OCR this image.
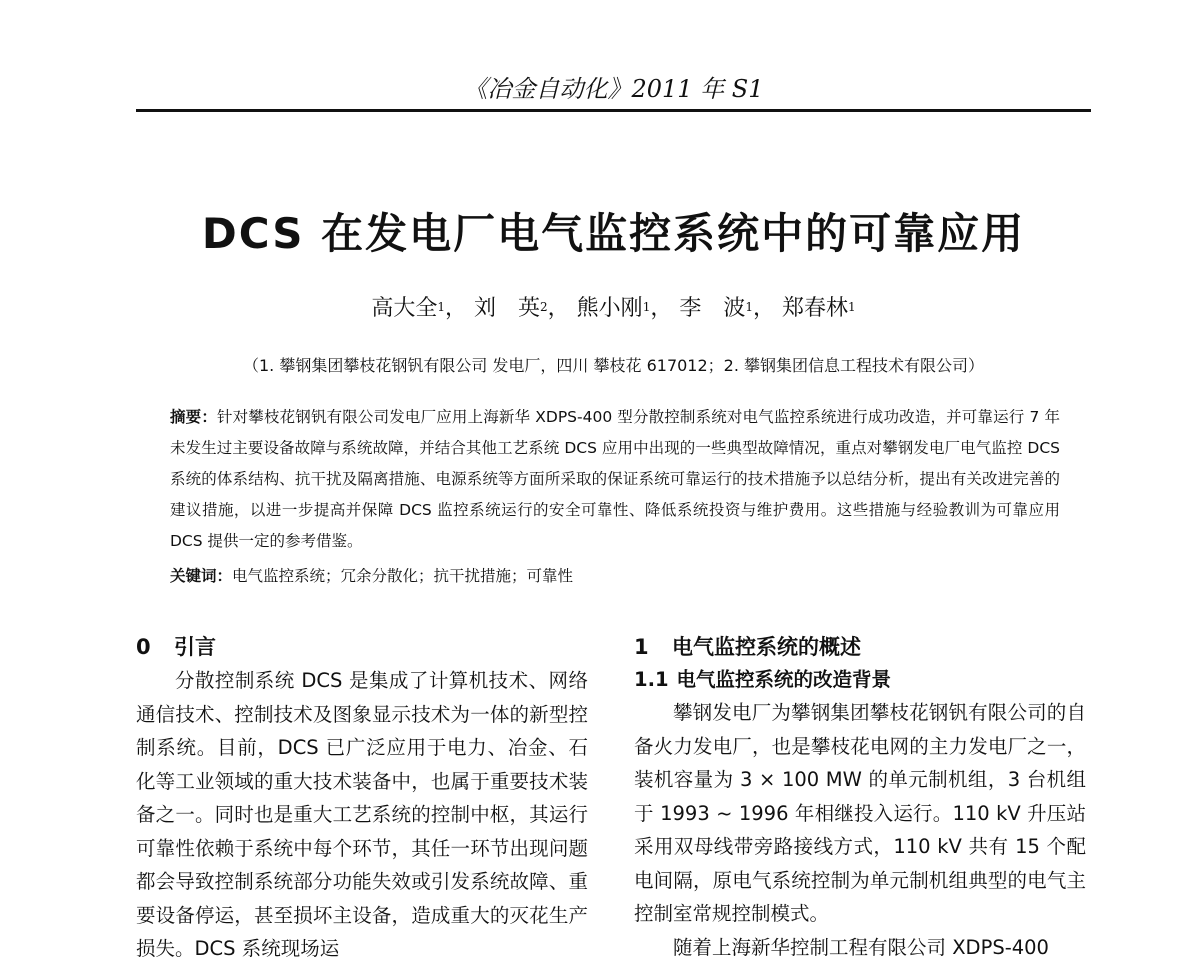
《冶金自动化》2011 年 S1
DCS 在发电厂电气监控系统中的可靠应用
高大全$^1$， 刘　英$^2$， 熊小刚$^1$， 李　波$^1$， 郑春林$^1$
（1. 攀钢集团攀枝花钢钒有限公司 发电厂，四川 攀枝花 617012；2. 攀钢集团信息工程技术有限公司）
摘要：针对攀枝花钢钒有限公司发电厂应用上海新华 XDPS-400 型分散控制系统对电气监控系统进行成功改造，并可靠运行 7 年未发生过主要设备故障与系统故障，并结合其他工艺系统 DCS 应用中出现的一些典型故障情况，重点对攀钢发电厂电气监控 DCS 系统的体系结构、抗干扰及隔离措施、电源系统等方面所采取的保证系统可靠运行的技术措施予以总结分析，提出有关改进完善的建议措施，以进一步提高并保障 DCS 监控系统运行的安全可靠性、降低系统投资与维护费用。这些措施与经验教训为可靠应用 DCS 提供一定的参考借鉴。
关键词：电气监控系统；冗余分散化；抗干扰措施；可靠性

0 引言

分散控制系统 DCS 是集成了计算机技术、网络通信技术、控制技术及图象显示技术为一体的新型控制系统。目前，DCS 已广泛应用于电力、冶金、石化等工业领域的重大技术装备中，也属于重要技术装备之一。同时也是重大工艺系统的控制中枢，其运行可靠性依赖于系统中每个环节，其任一环节出现问题都会导致控制系统部分功能失效或引发系统故障、重要设备停运，甚至损坏主设备，造成重大的灭花生产损失。DCS 系统现场运

1 电气监控系统的概述

1.1 电气监控系统的改造背景

攀钢发电厂为攀钢集团攀枝花钢钒有限公司的自备火力发电厂，也是攀枝花电网的主力发电厂之一，装机容量为 3 × 100 MW 的单元制机组，3 台机组于 1993 ~ 1996 年相继投入运行。110 kV 升压站采用双母线带旁路接线方式，110 kV 共有 15 个配电间隔，原电气系统控制为单元制机组典型的电气主控制室常规控制模式。

随着上海新华控制工程有限公司 XDPS-400
